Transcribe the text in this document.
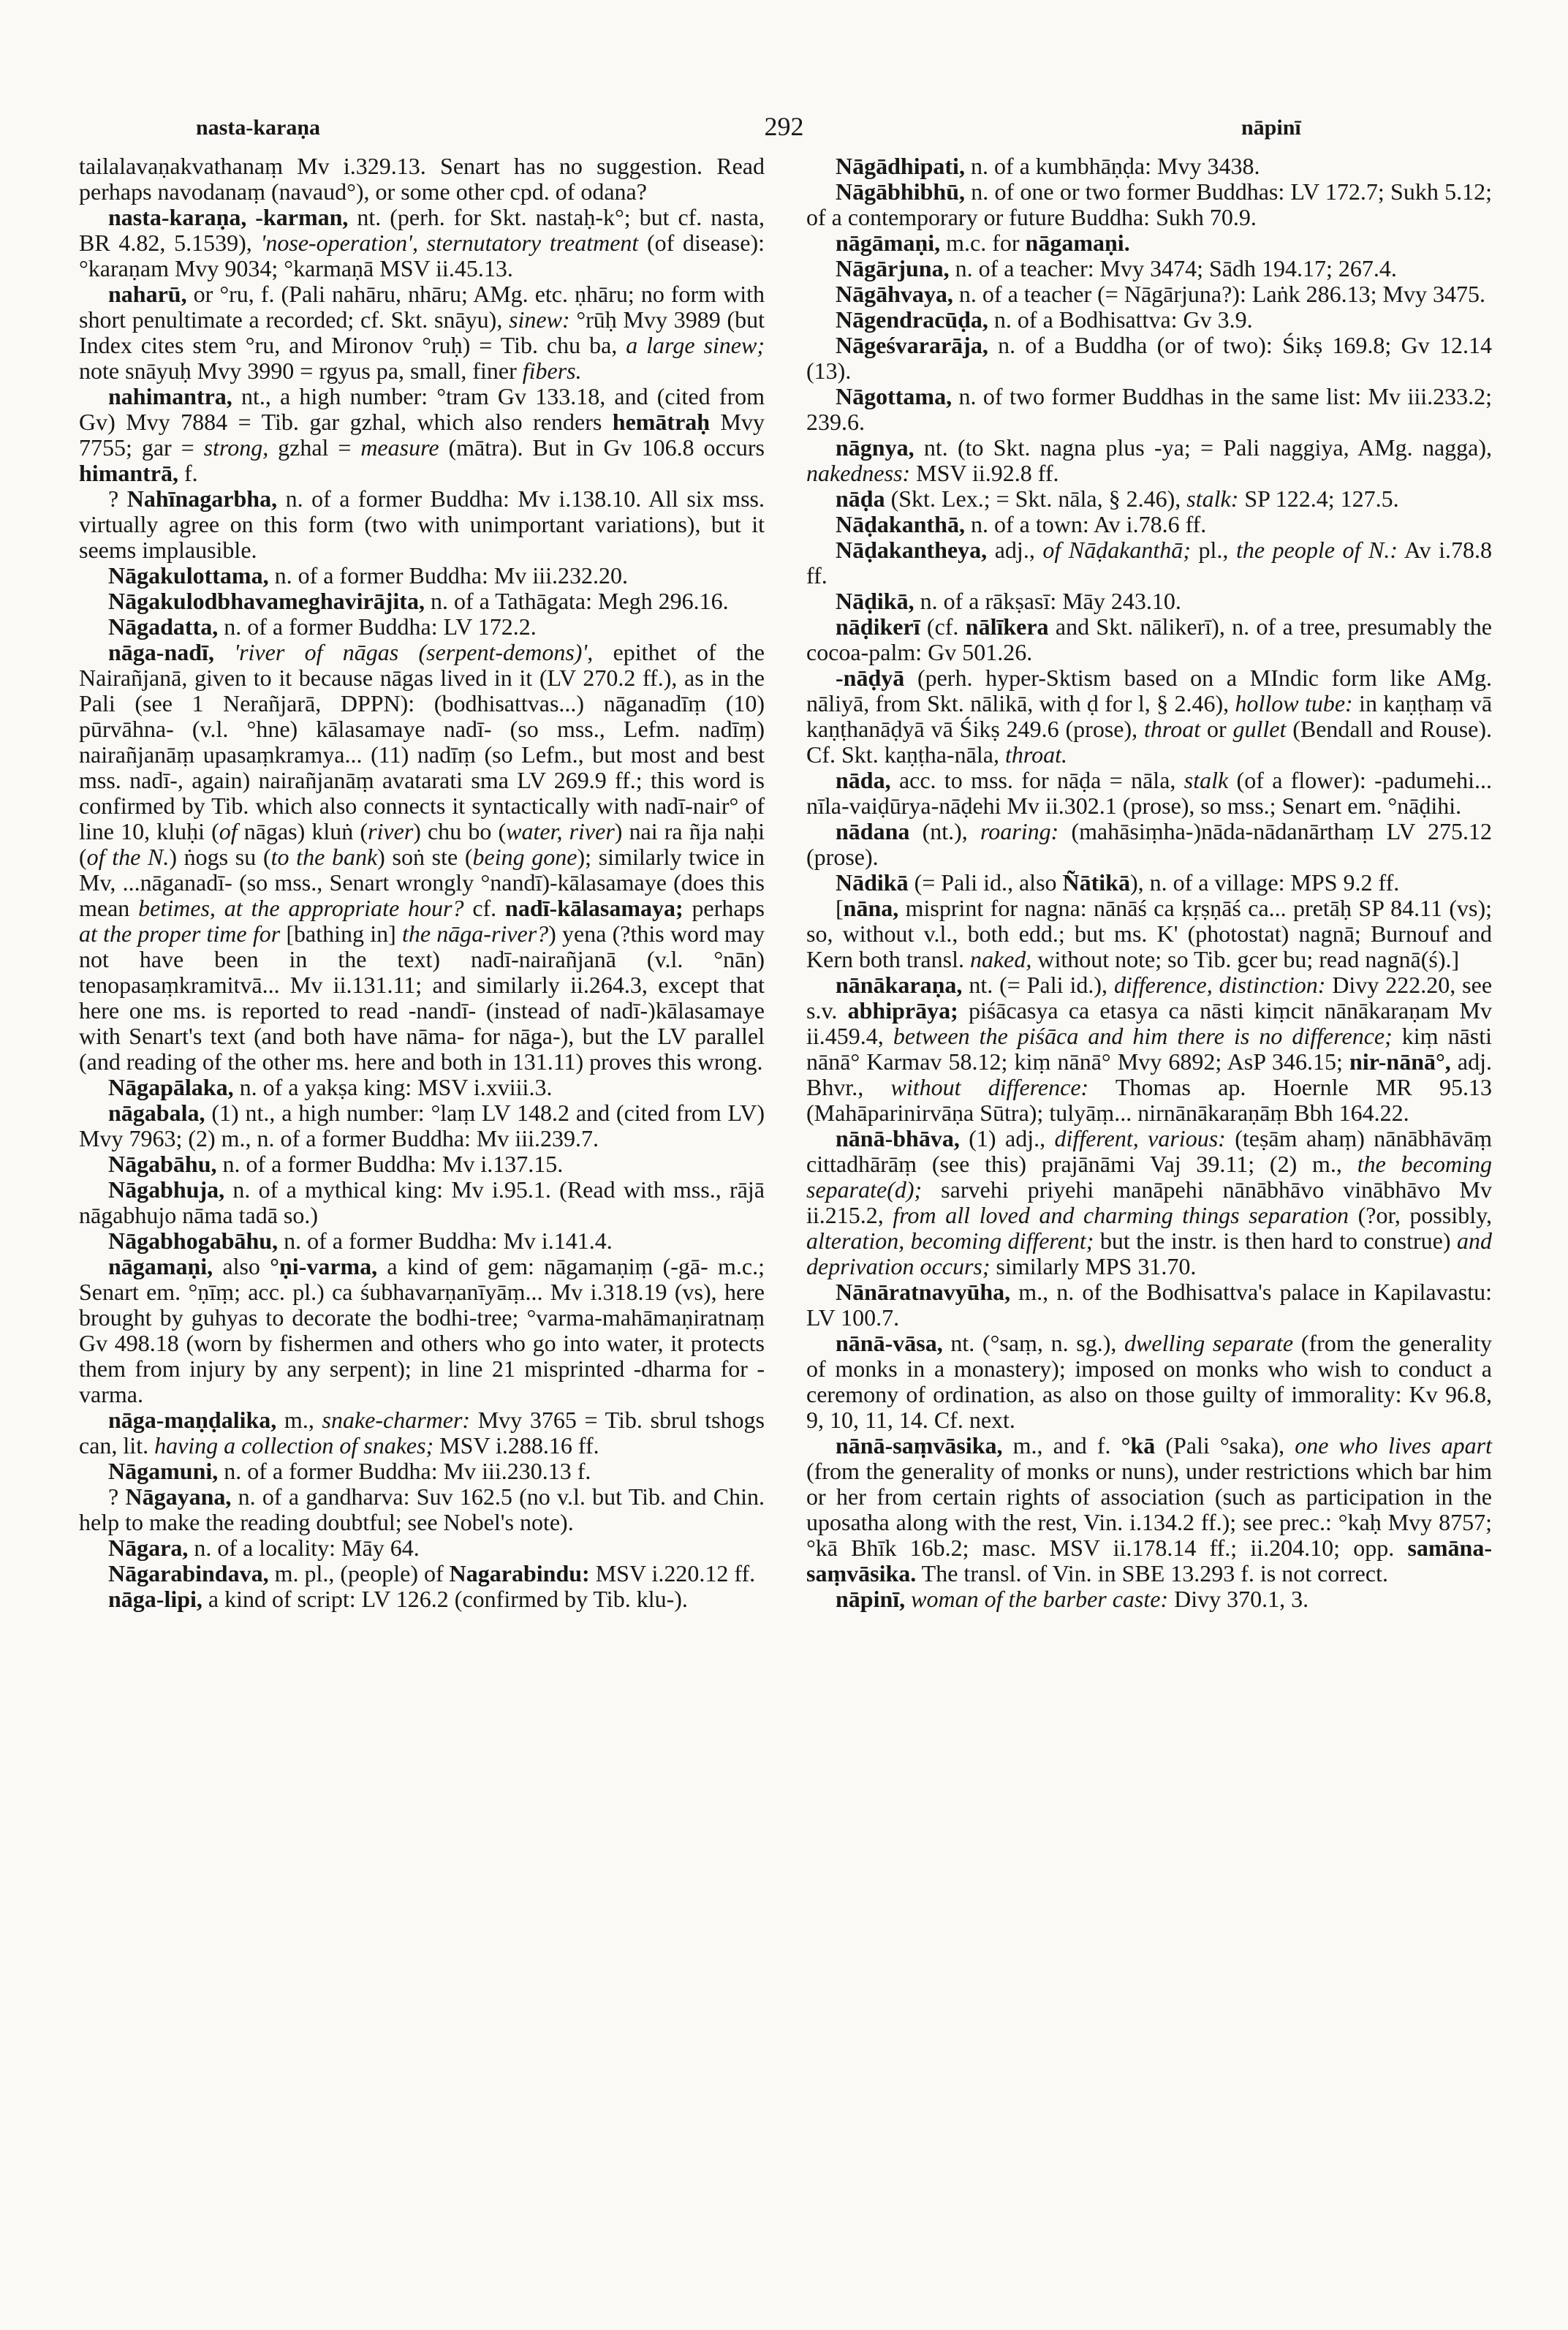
nasta-karaṇa	292	nāpinī

tailalavaṇakvathanaṃ Mv i.329.13. Senart has no suggestion. Read perhaps navodanaṃ (navaud°), or some other cpd. of odana?

nasta-karaṇa, -karman, nt. (perh. for Skt. nastaḥ-k°; but cf. nasta, BR 4.82, 5.1539), 'nose-operation', sternutatory treatment (of disease): °karaṇam Mvy 9034; °karmaṇā MSV ii.45.13.

naharū, or °ru, f. (Pali nahāru, nhāru; AMg. etc. ṇhāru; no form with short penultimate a recorded; cf. Skt. snāyu), sinew: °rūḥ Mvy 3989 (but Index cites stem °ru, and Mironov °ruḥ) = Tib. chu ba, a large sinew; note snāyuḥ Mvy 3990 = rgyus pa, small, finer fibers.

nahimantra, nt., a high number: °tram Gv 133.18, and (cited from Gv) Mvy 7884 = Tib. gar gzhal, which also renders hemātraḥ Mvy 7755; gar = strong, gzhal = measure (mātra). But in Gv 106.8 occurs himantrā, f.

? Nahīnagarbha, n. of a former Buddha: Mv i.138.10. All six mss. virtually agree on this form (two with unimportant variations), but it seems implausible.

Nāgakulottama, n. of a former Buddha: Mv iii.232.20.

Nāgakulodbhavameghavirājita, n. of a Tathāgata: Megh 296.16.

Nāgadatta, n. of a former Buddha: LV 172.2.

nāga-nadī, 'river of nāgas (serpent-demons)', epithet of the Nairañjanā, given to it because nāgas lived in it (LV 270.2 ff.), as in the Pali (see 1 Nerañjarā, DPPN): (bodhisattvas...) nāganadīṃ (10) pūrvāhna- (v.l. °hne) kālasamaye nadī- (so mss., Lefm. nadīṃ) nairañjanāṃ upasaṃkramya... (11) nadīṃ (so Lefm., but most and best mss. nadī-, again) nairañjanāṃ avatarati sma LV 269.9 ff.; this word is confirmed by Tib. which also connects it syntactically with nadī-nair° of line 10, kluḥi (of nāgas) kluṅ (river) chu bo (water, river) nai ra ñja naḥi (of the N.) ṅogs su (to the bank) soṅ ste (being gone); similarly twice in Mv, ...nāganadī- (so mss., Senart wrongly °nandī)-kālasamaye (does this mean betimes, at the appropriate hour? cf. nadī-kālasamaya; perhaps at the proper time for [bathing in] the nāga-river?) yena (?this word may not have been in the text) nadī-nairañjanā (v.l. °nān) tenopasaṃkramitvā... Mv ii.131.11; and similarly ii.264.3, except that here one ms. is reported to read -nandī- (instead of nadī-)kālasamaye with Senart's text (and both have nāma- for nāga-), but the LV parallel (and reading of the other ms. here and both in 131.11) proves this wrong.

Nāgapālaka, n. of a yakṣa king: MSV i.xviii.3.

nāgabala, (1) nt., a high number: °laṃ LV 148.2 and (cited from LV) Mvy 7963; (2) m., n. of a former Buddha: Mv iii.239.7.

Nāgabāhu, n. of a former Buddha: Mv i.137.15.

Nāgabhuja, n. of a mythical king: Mv i.95.1. (Read with mss., rājā nāgabhujo nāma tadā so.)

Nāgabhogabāhu, n. of a former Buddha: Mv i.141.4.

nāgamaṇi, also °ṇi-varma, a kind of gem: nāgamaṇiṃ (-gā- m.c.; Senart em. °ṇīṃ; acc. pl.) ca śubhavarṇanīyāṃ... Mv i.318.19 (vs), here brought by guhyas to decorate the bodhi-tree; °varma-mahāmaṇiratnaṃ Gv 498.18 (worn by fishermen and others who go into water, it protects them from injury by any serpent); in line 21 misprinted -dharma for -varma.

nāga-maṇḍalika, m., snake-charmer: Mvy 3765 = Tib. sbrul tshogs can, lit. having a collection of snakes; MSV i.288.16 ff.

Nāgamuni, n. of a former Buddha: Mv iii.230.13 f.

? Nāgayana, n. of a gandharva: Suv 162.5 (no v.l. but Tib. and Chin. help to make the reading doubtful; see Nobel's note).

Nāgara, n. of a locality: Māy 64.

Nāgarabindava, m. pl., (people) of Nagarabindu: MSV i.220.12 ff.

nāga-lipi, a kind of script: LV 126.2 (confirmed by Tib. klu-).

Nāgādhipati, n. of a kumbhāṇḍa: Mvy 3438.

Nāgābhibhū, n. of one or two former Buddhas: LV 172.7; Sukh 5.12; of a contemporary or future Buddha: Sukh 70.9.

nāgāmaṇi, m.c. for nāgamaṇi.

Nāgārjuna, n. of a teacher: Mvy 3474; Sādh 194.17; 267.4.

Nāgāhvaya, n. of a teacher (= Nāgārjuna?): Laṅk 286.13; Mvy 3475.

Nāgendracūḍa, n. of a Bodhisattva: Gv 3.9.

Nāgeśvararāja, n. of a Buddha (or of two): Śikṣ 169.8; Gv 12.14 (13).

Nāgottama, n. of two former Buddhas in the same list: Mv iii.233.2; 239.6.

nāgnya, nt. (to Skt. nagna plus -ya; = Pali naggiya, AMg. nagga), nakedness: MSV ii.92.8 ff.

nāḍa (Skt. Lex.; = Skt. nāla, § 2.46), stalk: SP 122.4; 127.5.

Nāḍakanthā, n. of a town: Av i.78.6 ff.

Nāḍakantheya, adj., of Nāḍakanthā; pl., the people of N.: Av i.78.8 ff.

Nāḍikā, n. of a rākṣasī: Māy 243.10.

nāḍikerī (cf. nālīkera and Skt. nālikerī), n. of a tree, presumably the cocoa-palm: Gv 501.26.

-nāḍyā (perh. hyper-Sktism based on a MIndic form like AMg. nāliyā, from Skt. nālikā, with ḍ for l, § 2.46), hollow tube: in kaṇṭhaṃ vā kaṇṭhanāḍyā vā Śikṣ 249.6 (prose), throat or gullet (Bendall and Rouse). Cf. Skt. kaṇṭha-nāla, throat.

nāda, acc. to mss. for nāḍa = nāla, stalk (of a flower): -padumehi... nīla-vaiḍūrya-nāḍehi Mv ii.302.1 (prose), so mss.; Senart em. °nāḍihi.

nādana (nt.), roaring: (mahāsiṃha-)nāda-nādanārthaṃ LV 275.12 (prose).

Nādikā (= Pali id., also Ñātikā), n. of a village: MPS 9.2 ff.

[nāna, misprint for nagna: nānāś ca kṛṣṇāś ca... pretāḥ SP 84.11 (vs); so, without v.l., both edd.; but ms. K' (photostat) nagnā; Burnouf and Kern both transl. naked, without note; so Tib. gcer bu; read nagnā(ś).]

nānākaraṇa, nt. (= Pali id.), difference, distinction: Divy 222.20, see s.v. abhiprāya; piśācasya ca etasya ca nāsti kiṃcit nānākaraṇam Mv ii.459.4, between the piśāca and him there is no difference; kiṃ nāsti nānā° Karmav 58.12; kiṃ nānā° Mvy 6892; AsP 346.15; nir-nānā°, adj. Bhvr., without difference: Thomas ap. Hoernle MR 95.13 (Mahāparinirvāṇa Sūtra); tulyāṃ... nirnānākaraṇāṃ Bbh 164.22.

nānā-bhāva, (1) adj., different, various: (teṣām ahaṃ) nānābhāvāṃ cittadhārāṃ (see this) prajānāmi Vaj 39.11; (2) m., the becoming separate(d); sarvehi priyehi manāpehi nānābhāvo vinābhāvo Mv ii.215.2, from all loved and charming things separation (?or, possibly, alteration, becoming different; but the instr. is then hard to construe) and deprivation occurs; similarly MPS 31.70.

Nānāratnavyūha, m., n. of the Bodhisattva's palace in Kapilavastu: LV 100.7.

nānā-vāsa, nt. (°saṃ, n. sg.), dwelling separate (from the generality of monks in a monastery); imposed on monks who wish to conduct a ceremony of ordination, as also on those guilty of immorality: Kv 96.8, 9, 10, 11, 14. Cf. next.

nānā-saṃvāsika, m., and f. °kā (Pali °saka), one who lives apart (from the generality of monks or nuns), under restrictions which bar him or her from certain rights of association (such as participation in the uposatha along with the rest, Vin. i.134.2 ff.); see prec.: °kaḥ Mvy 8757; °kā Bhīk 16b.2; masc. MSV ii.178.14 ff.; ii.204.10; opp. samāna-saṃvāsika. The transl. of Vin. in SBE 13.293 f. is not correct.

nāpinī, woman of the barber caste: Divy 370.1, 3.
